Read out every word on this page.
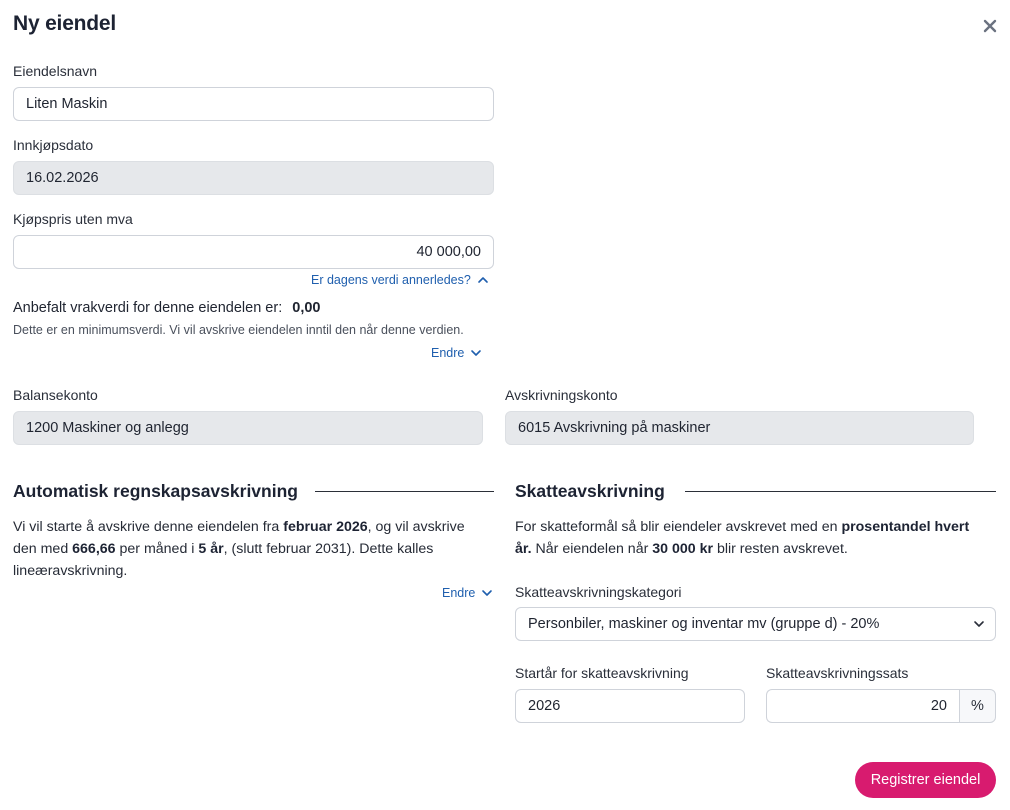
Ny eiendel
Eiendelsnavn
Liten Maskin
Innkjøpsdato
16.02.2026
Kjøpspris uten mva
40 000,00
Er dagens verdi annerledes?
Anbefalt vrakverdi for denne eiendelen er: 0,00
Dette er en minimumsverdi. Vi vil avskrive eiendelen inntil den når denne verdien.
Endre
Balansekonto
1200 Maskiner og anlegg
Avskrivningskonto
6015 Avskrivning på maskiner
Automatisk regnskapsavskrivning
Vi vil starte å avskrive denne eiendelen fra februar 2026, og vil avskrive
den med 666,66 per måned i 5 år, (slutt februar 2031). Dette kalles
lineæravskrivning.
Endre
Skatteavskrivning
For skatteformål så blir eiendeler avskrevet med en prosentandel hvert
år. Når eiendelen når 30 000 kr blir resten avskrevet.
Skatteavskrivningskategori
Personbiler, maskiner og inventar mv (gruppe d) - 20%
Startår for skatteavskrivning
2026
Skatteavskrivningssats
20	%
Registrer eiendel
